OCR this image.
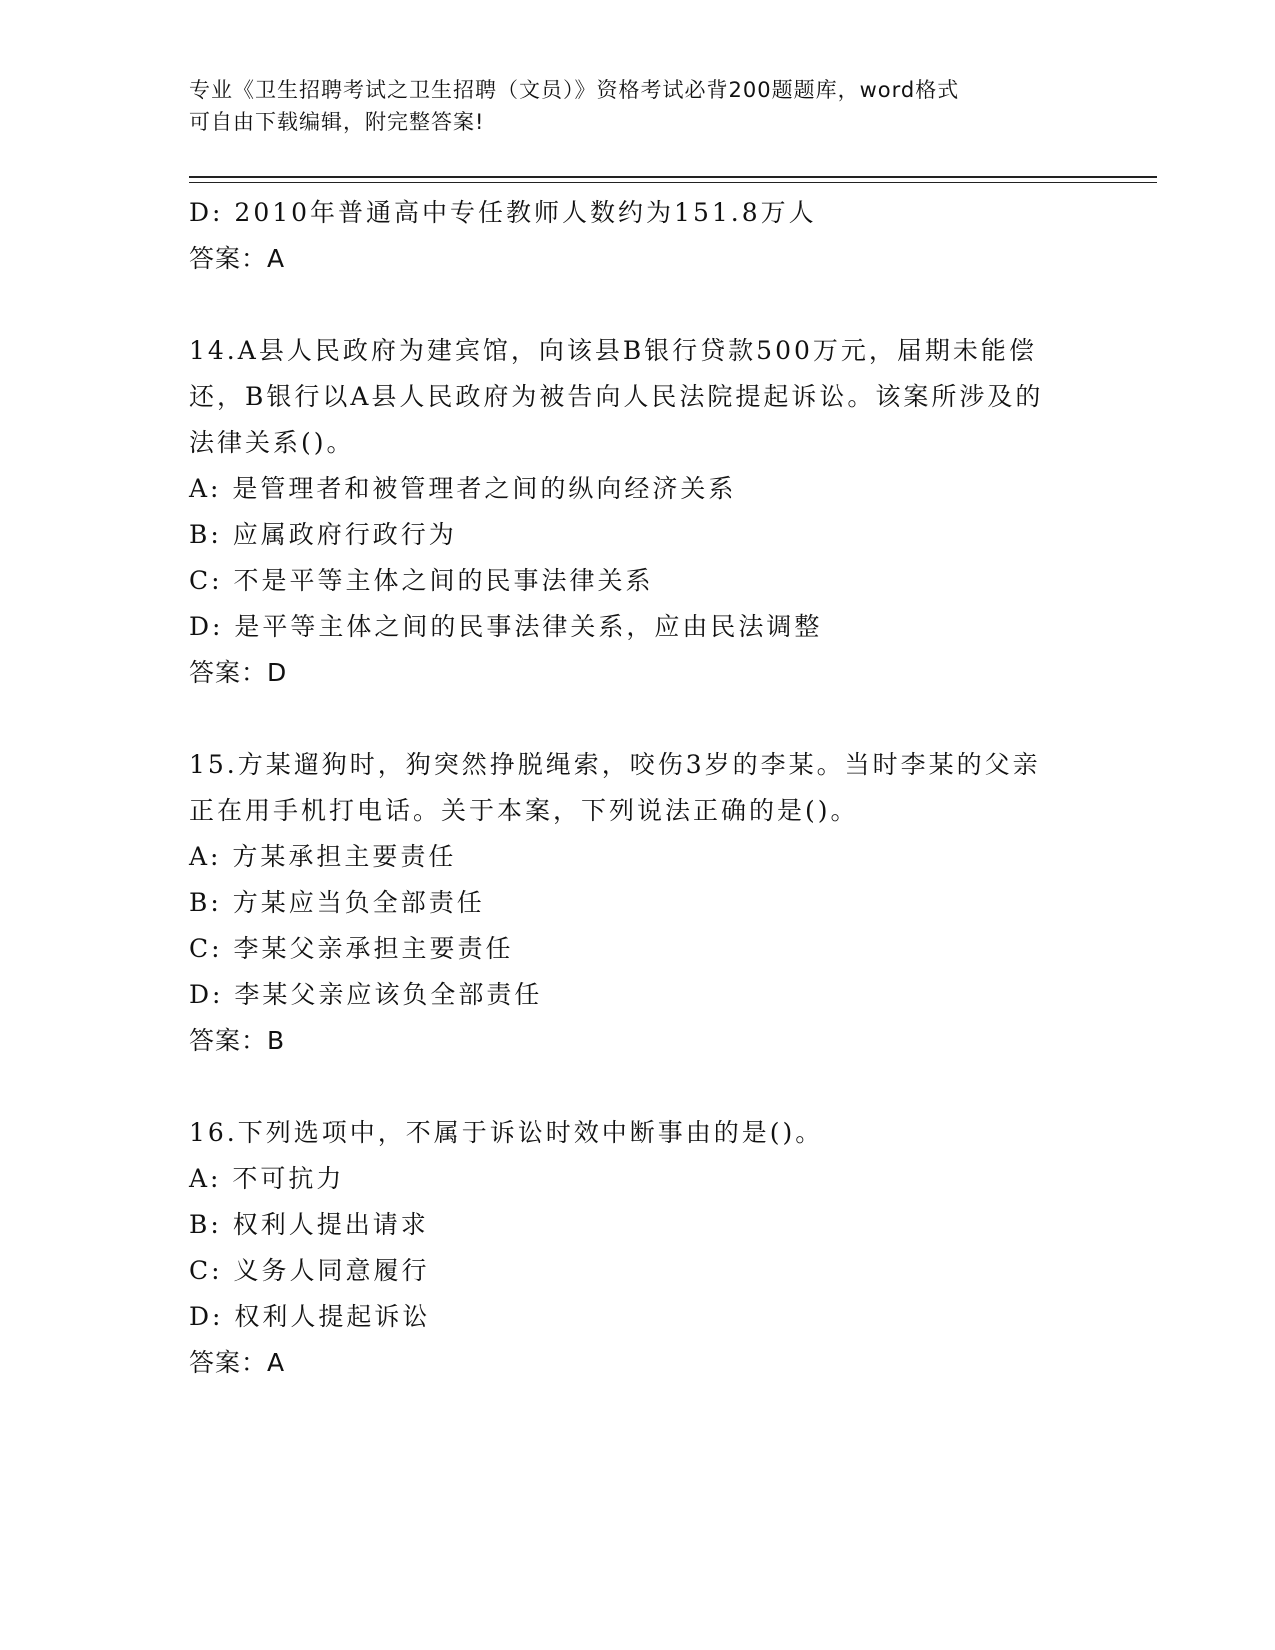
专业《卫生招聘考试之卫生招聘（文员）》资格考试必背200题题库，word格式
可自由下载编辑，附完整答案!
D: 2010年普通高中专任教师人数约为151.8万人
答案：A
14.A县人民政府为建宾馆，向该县B银行贷款500万元，届期未能偿
还，B银行以A县人民政府为被告向人民法院提起诉讼。该案所涉及的
法律关系()。
A: 是管理者和被管理者之间的纵向经济关系
B: 应属政府行政行为
C: 不是平等主体之间的民事法律关系
D: 是平等主体之间的民事法律关系，应由民法调整
答案：D
15.方某遛狗时，狗突然挣脱绳索，咬伤3岁的李某。当时李某的父亲
正在用手机打电话。关于本案，下列说法正确的是()。
A: 方某承担主要责任
B: 方某应当负全部责任
C: 李某父亲承担主要责任
D: 李某父亲应该负全部责任
答案：B
16.下列选项中，不属于诉讼时效中断事由的是()。
A: 不可抗力
B: 权利人提出请求
C: 义务人同意履行
D: 权利人提起诉讼
答案：A
